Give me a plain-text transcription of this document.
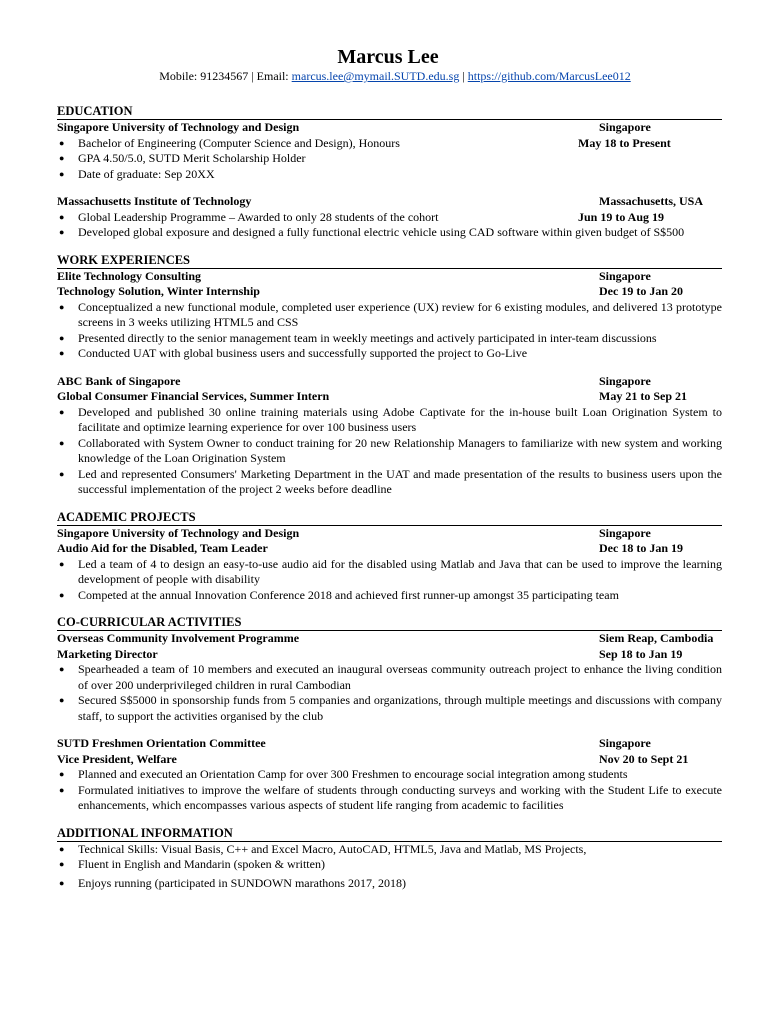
Marcus Lee
Mobile: 91234567 | Email: marcus.lee@mymail.SUTD.edu.sg | https://github.com/MarcusLee012
EDUCATION
Singapore University of Technology and Design	Singapore
● Bachelor of Engineering (Computer Science and Design), Honours	May 18 to Present
● GPA 4.50/5.0, SUTD Merit Scholarship Holder
● Date of graduate: Sep 20XX
Massachusetts Institute of Technology	Massachusetts, USA
● Global Leadership Programme – Awarded to only 28 students of the cohort	Jun 19 to Aug 19
● Developed global exposure and designed a fully functional electric vehicle using CAD software within given budget of S$500
WORK EXPERIENCES
Elite Technology Consulting	Singapore
Technology Solution, Winter Internship	Dec 19 to Jan 20
● Conceptualized a new functional module, completed user experience (UX) review for 6 existing modules, and delivered 13 prototype screens in 3 weeks utilizing HTML5 and CSS
● Presented directly to the senior management team in weekly meetings and actively participated in inter-team discussions
● Conducted UAT with global business users and successfully supported the project to Go-Live
ABC Bank of Singapore	Singapore
Global Consumer Financial Services, Summer Intern	May 21 to Sep 21
● Developed and published 30 online training materials using Adobe Captivate for the in-house built Loan Origination System to facilitate and optimize learning experience for over 100 business users
● Collaborated with System Owner to conduct training for 20 new Relationship Managers to familiarize with new system and working knowledge of the Loan Origination System
● Led and represented Consumers' Marketing Department in the UAT and made presentation of the results to business users upon the successful implementation of the project 2 weeks before deadline
ACADEMIC PROJECTS
Singapore University of Technology and Design	Singapore
Audio Aid for the Disabled, Team Leader	Dec 18 to Jan 19
● Led a team of 4 to design an easy-to-use audio aid for the disabled using Matlab and Java that can be used to improve the learning development of people with disability
● Competed at the annual Innovation Conference 2018 and achieved first runner-up amongst 35 participating team
CO-CURRICULAR ACTIVITIES
Overseas Community Involvement Programme	Siem Reap, Cambodia
Marketing Director	Sep 18 to Jan 19
● Spearheaded a team of 10 members and executed an inaugural overseas community outreach project to enhance the living condition of over 200 underprivileged children in rural Cambodian
● Secured S$5000 in sponsorship funds from 5 companies and organizations, through multiple meetings and discussions with company staff, to support the activities organised by the club
SUTD Freshmen Orientation Committee	Singapore
Vice President, Welfare	Nov 20 to Sept 21
● Planned and executed an Orientation Camp for over 300 Freshmen to encourage social integration among students
● Formulated initiatives to improve the welfare of students through conducting surveys and working with the Student Life to execute enhancements, which encompasses various aspects of student life ranging from academic to facilities
ADDITIONAL INFORMATION
● Technical Skills: Visual Basis, C++ and Excel Macro, AutoCAD, HTML5, Java and Matlab, MS Projects,
● Fluent in English and Mandarin (spoken & written)
● Enjoys running (participated in SUNDOWN marathons 2017, 2018)
